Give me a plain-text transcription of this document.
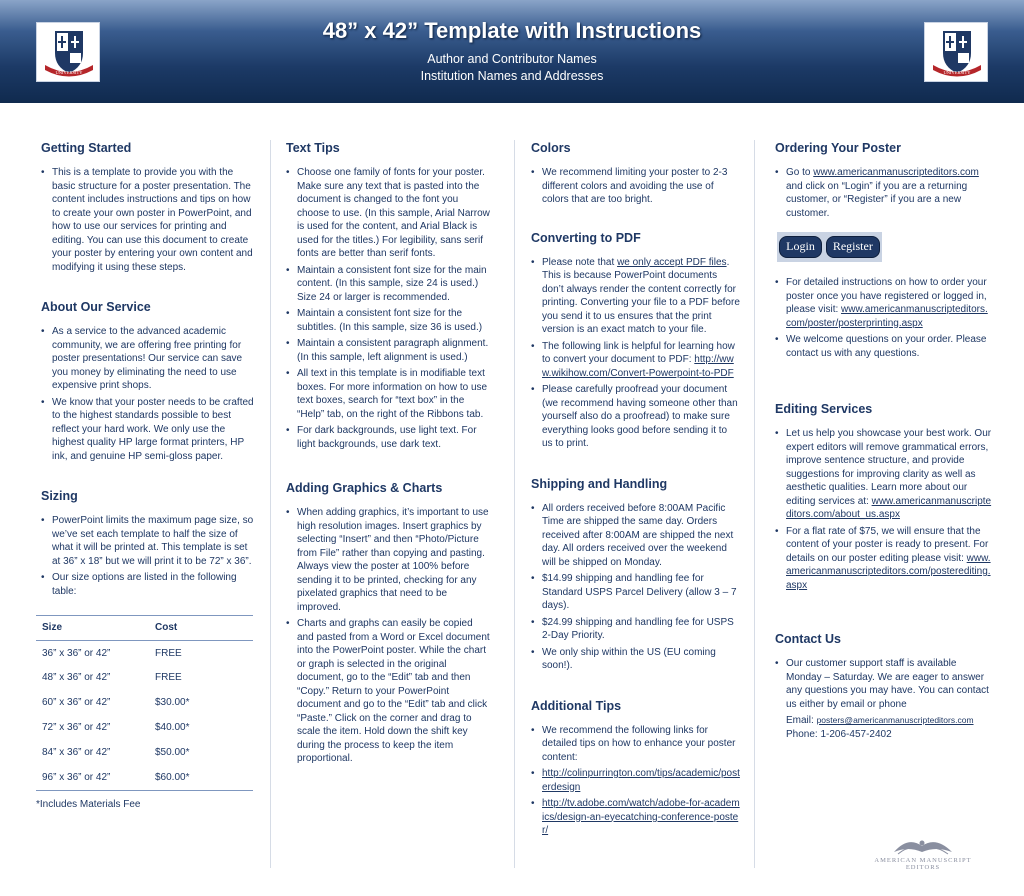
UNIVERSITY
48” x 42” Template with Instructions
Author and Contributor Names
Institution Names and Addresses	UNIVERSITY
Getting Started
• This is a template to provide you with the basic structure for a poster presentation. The content includes instructions and tips on how to create your own poster in PowerPoint, and how to use our services for printing and editing. You can use this document to create your poster by entering your own content and modifying it using these steps.
About Our Service
• As a service to the advanced academic community, we are offering free printing for poster presentations! Our service can save you money by eliminating the need to use expensive print shops.
• We know that your poster needs to be crafted to the highest standards possible to best reflect your hard work. We only use the highest quality HP large format printers, HP ink, and genuine HP semi-gloss paper.
Sizing
• PowerPoint limits the maximum page size, so we’ve set each template to half the size of what it will be printed at. This template is set at 36” x 18” but we will print it to be 72” x 36”.
• Our size options are listed in the following table:
Size	Cost
36” x 36” or 42”	FREE
48” x 36” or 42”	FREE
60” x 36” or 42”	$30.00*
72” x 36” or 42”	$40.00*
84” x 36” or 42”	$50.00*
96” x 36” or 42”	$60.00*
*Includes Materials Fee
Text Tips
• Choose one family of fonts for your poster. Make sure any text that is pasted into the document is changed to the font you choose to use. (In this sample, Arial Narrow is used for the content, and Arial Black is used for the titles.) For legibility, sans serif fonts are better than serif fonts.
• Maintain a consistent font size for the main content. (In this sample, size 24 is used.) Size 24 or larger is recommended.
• Maintain a consistent font size for the subtitles. (In this sample, size 36 is used.)
• Maintain a consistent paragraph alignment. (In this sample, left alignment is used.)
• All text in this template is in modifiable text boxes. For more information on how to use text boxes, search for “text box” in the “Help” tab, on the right of the Ribbons tab.
• For dark backgrounds, use light text. For light backgrounds, use dark text.
Adding Graphics & Charts
• When adding graphics, it’s important to use high resolution images. Insert graphics by selecting “Insert” and then “Photo/Picture from File” rather than copying and pasting. Always view the poster at 100% before sending it to be printed, checking for any pixelated graphics that need to be improved.
• Charts and graphs can easily be copied and pasted from a Word or Excel document into the PowerPoint poster. While the chart or graph is selected in the original document, go to the “Edit” tab and then “Copy.” Return to your PowerPoint document and go to the “Edit” tab and click “Paste.” Click on the corner and drag to scale the item. Hold down the shift key during the process to keep the item proportional.
Colors
• We recommend limiting your poster to 2-3 different colors and avoiding the use of colors that are too bright.
Converting to PDF
• Please note that we only accept PDF files. This is because PowerPoint documents don’t always render the content correctly for printing. Converting your file to a PDF before you send it to us ensures that the print version is an exact match to your file.
• The following link is helpful for learning how to convert your document to PDF: http://www.wikihow.com/Convert-Powerpoint-to-PDF
• Please carefully proofread your document (we recommend having someone other than yourself also do a proofread) to make sure everything looks good before sending it to us to print.
Shipping and Handling
• All orders received before 8:00AM Pacific Time are shipped the same day. Orders received after 8:00AM are shipped the next day. All orders received over the weekend will be shipped on Monday.
• $14.99 shipping and handling fee for Standard USPS Parcel Delivery (allow 3 – 7 days).
• $24.99 shipping and handling fee for USPS 2-Day Priority.
• We only ship within the US (EU coming soon!).
Additional Tips
• We recommend the following links for detailed tips on how to enhance your poster content:
• http://colinpurrington.com/tips/academic/posterdesign
• http://tv.adobe.com/watch/adobe-for-academics/design-an-eyecatching-conference-poster/
Ordering Your Poster
• Go to www.americanmanuscripteditors.com and click on “Login” if you are a returning customer, or “Register” if you are a new customer.
Login	Register
• For detailed instructions on how to order your poster once you have registered or logged in, please visit: www.americanmanuscripteditors.com/poster/posterprinting.aspx
• We welcome questions on your order. Please contact us with any questions.
Editing Services
• Let us help you showcase your best work. Our expert editors will remove grammatical errors, improve sentence structure, and provide suggestions for improving clarity as well as aesthetic qualities. Learn more about our editing services at: www.americanmanuscripteditors.com/about_us.aspx
• For a flat rate of $75, we will ensure that the content of your poster is ready to present. For details on our poster editing please visit: www.americanmanuscripteditors.com/posterediting.aspx
Contact Us
• Our customer support staff is available Monday – Saturday. We are eager to answer any questions you may have. You can contact us either by email or phone
Email: posters@americanmanuscripteditors.com
Phone: 1-206-457-2402
AMERICAN MANUSCRIPT EDITORS
